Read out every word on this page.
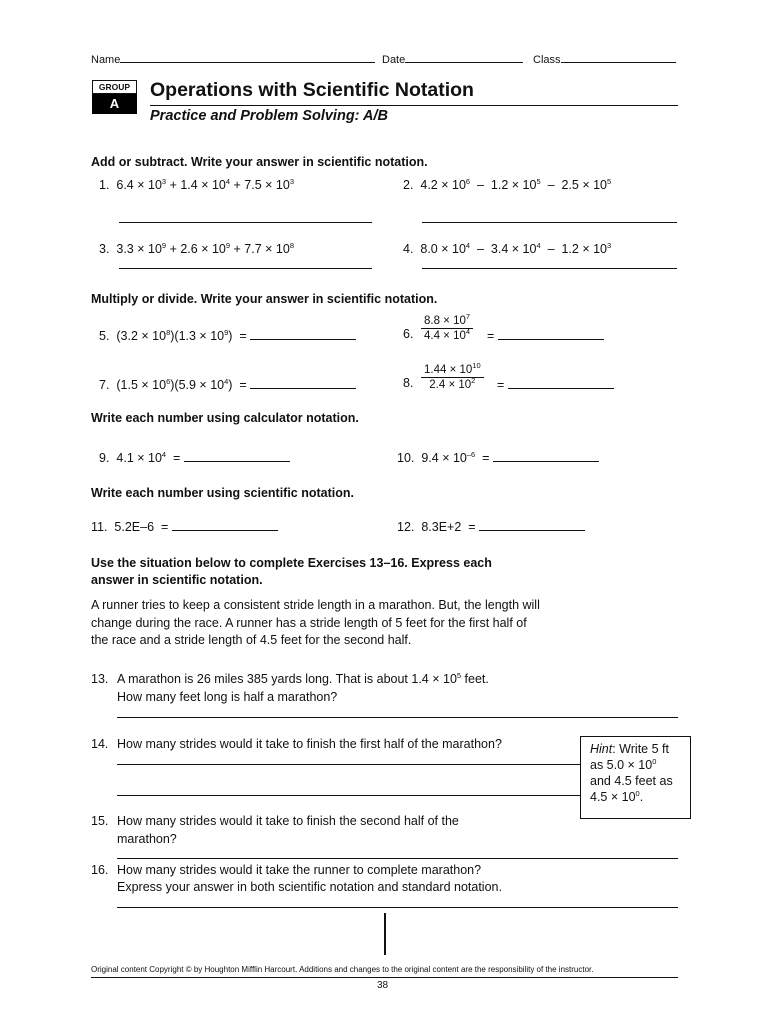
Name	Date	Class
GROUP
A
Operations with Scientific Notation
Practice and Problem Solving: A/B
Add or subtract. Write your answer in scientific notation.
1.  $6.4 \times 10^3 + 1.4 \times 10^4 + 7.5 \times 10^3$	2.  $4.2 \times 10^6 - 1.2 \times 10^5 - 2.5 \times 10^5$
3.  $3.3 \times 10^9 + 2.6 \times 10^9 + 7.7 \times 10^8$	4.  $8.0 \times 10^4 - 3.4 \times 10^4 - 1.2 \times 10^3$
Multiply or divide. Write your answer in scientific notation.
5.  $(3.2 \times 10^8)(1.3 \times 10^9)$  =	6. $\frac{8.8 \times 10^7}{4.4 \times 10^4}$ =
7.  $(1.5 \times 10^6)(5.9 \times 10^4)$  =	8. $\frac{1.44 \times 10^{10}}{2.4 \times 10^2}$ =
Write each number using calculator notation.
9. $4.1 \times 10^4$ =	10. $9.4 \times 10^{-6}$ =
Write each number using scientific notation.
11. 5.2E–6 =	12. 8.3E+2 =
Use the situation below to complete Exercises 13–16. Express each
answer in scientific notation.
A runner tries to keep a consistent stride length in a marathon. But, the length will change during the race. A runner has a stride length of 5 feet for the first half of the race and a stride length of 4.5 feet for the second half.
13. A marathon is 26 miles 385 yards long. That is about $1.4 \times 10^5$ feet.
How many feet long is half a marathon?
14. How many strides would it take to finish the first half of the marathon?	Hint: Write 5 ft
as $5.0 \times 10^0$
and 4.5 feet as
$4.5 \times 10^0$.
15. How many strides would it take to finish the second half of the
marathon?
16. How many strides would it take the runner to complete marathon?
Express your answer in both scientific notation and standard notation.
Original content Copyright © by Houghton Mifflin Harcourt. Additions and changes to the original content are the responsibility of the instructor.
38
